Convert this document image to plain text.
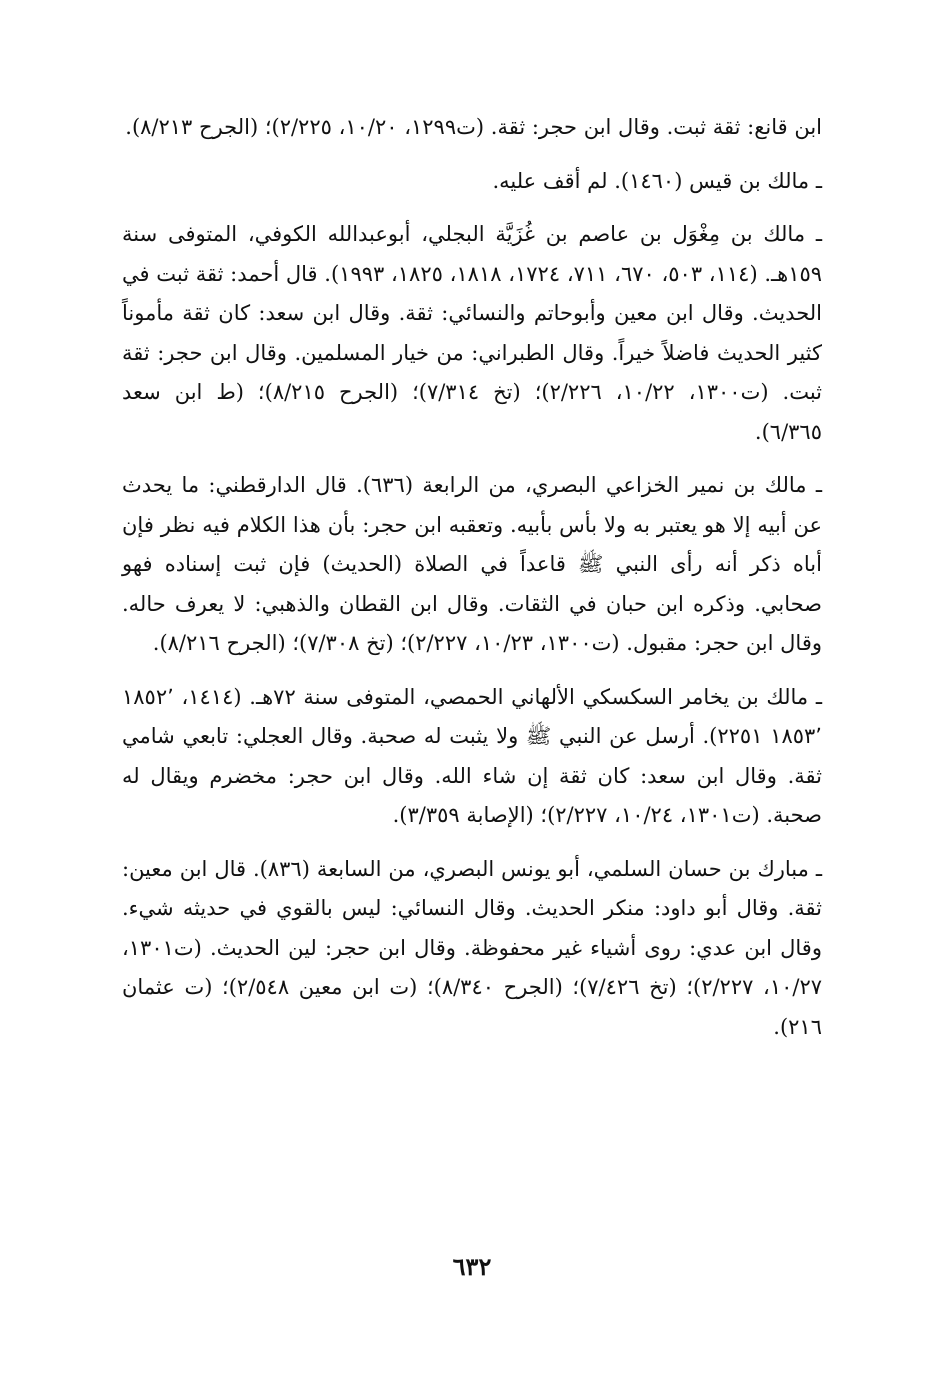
ابن قانع: ثقة ثبت. وقال ابن حجر: ثقة. (ت١٢٩٩، ١٠/٢٠، ٢/٢٢٥)؛ (الجرح ٨/٢١٣).

ـ مالك بن قيس (١٤٦٠). لم أقف عليه.

ـ مالك بن مِغْوَل بن عاصم بن غُزَيَّة البجلي، أبوعبدالله الكوفي، المتوفى سنة ١٥٩هـ. (١١٤، ٥٠٣، ٦٧٠، ٧١١، ١٧٢٤، ١٨١٨، ١٨٢٥، ١٩٩٣). قال أحمد: ثقة ثبت في الحديث. وقال ابن معين وأبوحاتم والنسائي: ثقة. وقال ابن سعد: كان ثقة مأموناً كثير الحديث فاضلاً خيراً. وقال الطبراني: من خيار المسلمين. وقال ابن حجر: ثقة ثبت. (ت١٣٠٠، ١٠/٢٢، ٢/٢٢٦)؛ (تخ ٧/٣١٤)؛ (الجرح ٨/٢١٥)؛ (ط ابن سعد ٦/٣٦٥).

ـ مالك بن نمير الخزاعي البصري، من الرابعة (٦٣٦). قال الدارقطني: ما يحدث عن أبيه إلا هو يعتبر به ولا بأس بأبيه. وتعقبه ابن حجر: بأن هذا الكلام فيه نظر فإن أباه ذكر أنه رأى النبي ﷺ قاعداً في الصلاة (الحديث) فإن ثبت إسناده فهو صحابي. وذكره ابن حبان في الثقات. وقال ابن القطان والذهبي: لا يعرف حاله. وقال ابن حجر: مقبول. (ت١٣٠٠، ١٠/٢٣، ٢/٢٢٧)؛ (تخ ٧/٣٠٨)؛ (الجرح ٨/٢١٦).

ـ مالك بن يخامر السكسكي الألهاني الحمصي، المتوفى سنة ٧٢هـ. (١٤١٤، ١٨٥٢٬ ١٨٥٣٬ ٢٢٥١). أرسل عن النبي ﷺ ولا يثبت له صحبة. وقال العجلي: تابعي شامي ثقة. وقال ابن سعد: كان ثقة إن شاء الله. وقال ابن حجر: مخضرم ويقال له صحبة. (ت١٣٠١، ١٠/٢٤، ٢/٢٢٧)؛ (الإصابة ٣/٣٥٩).

ـ مبارك بن حسان السلمي، أبو يونس البصري، من السابعة (٨٣٦). قال ابن معين: ثقة. وقال أبو داود: منكر الحديث. وقال النسائي: ليس بالقوي في حديثه شيء. وقال ابن عدي: روى أشياء غير محفوظة. وقال ابن حجر: لين الحديث. (ت١٣٠١، ١٠/٢٧، ٢/٢٢٧)؛ (تخ ٧/٤٢٦)؛ (الجرح ٨/٣٤٠)؛ (ت ابن معين ٢/٥٤٨)؛ (ت عثمان ٢١٦).

٦٣٢
